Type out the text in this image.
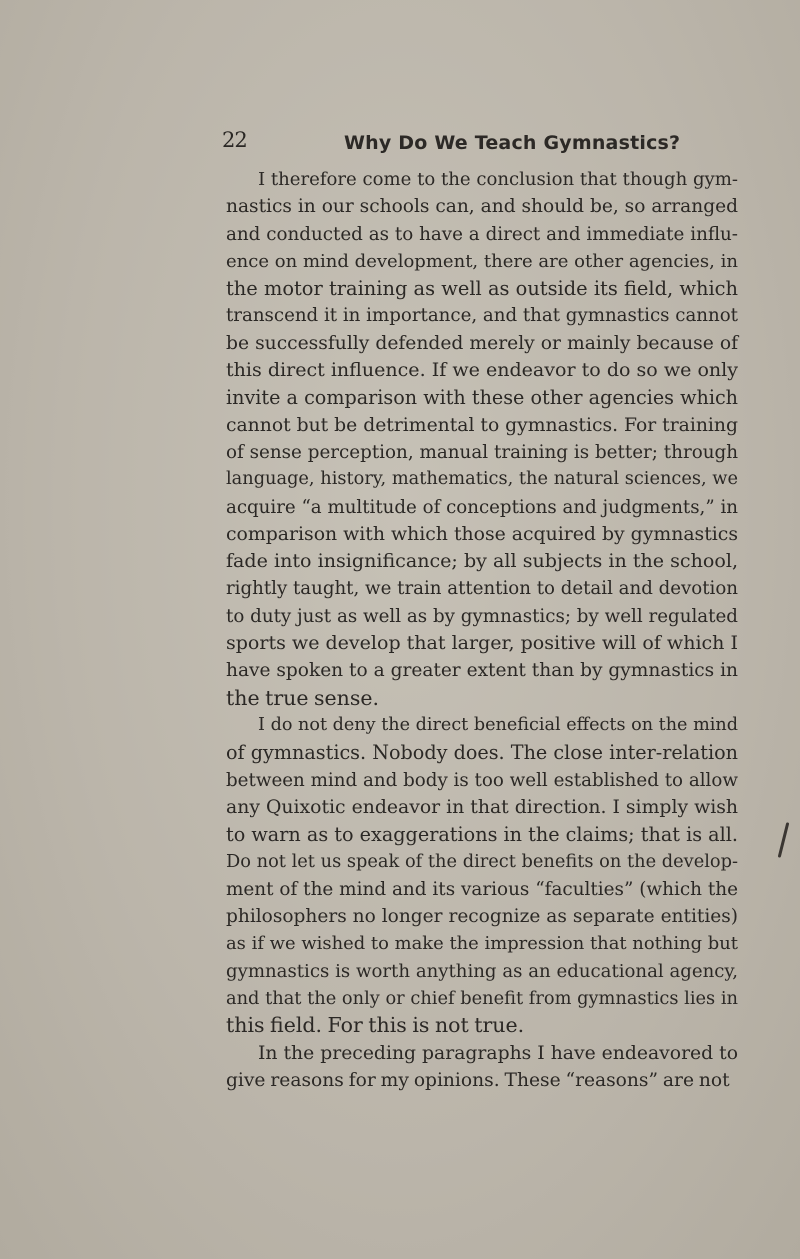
22	Why Do We Teach Gymnastics?
I therefore come to the conclusion that though gym-
nastics in our schools can, and should be, so arranged
and conducted as to have a direct and immediate influ-
ence on mind development, there are other agencies, in
the motor training as well as outside its field, which
transcend it in importance, and that gymnastics cannot
be successfully defended merely or mainly because of
this direct influence. If we endeavor to do so we only
invite a comparison with these other agencies which
cannot but be detrimental to gymnastics. For training
of sense perception, manual training is better; through
language, history, mathematics, the natural sciences, we
acquire “a multitude of conceptions and judgments,” in
comparison with which those acquired by gymnastics
fade into insignificance; by all subjects in the school,
rightly taught, we train attention to detail and devotion
to duty just as well as by gymnastics; by well regulated
sports we develop that larger, positive will of which I
have spoken to a greater extent than by gymnastics in
the true sense.
I do not deny the direct beneficial effects on the mind
of gymnastics. Nobody does. The close inter-relation
between mind and body is too well established to allow
any Quixotic endeavor in that direction. I simply wish
to warn as to exaggerations in the claims; that is all.
Do not let us speak of the direct benefits on the develop-
ment of the mind and its various “faculties” (which the
philosophers no longer recognize as separate entities)
as if we wished to make the impression that nothing but
gymnastics is worth anything as an educational agency,
and that the only or chief benefit from gymnastics lies in
this field. For this is not true.
In the preceding paragraphs I have endeavored to
give reasons for my opinions. These “reasons” are not
